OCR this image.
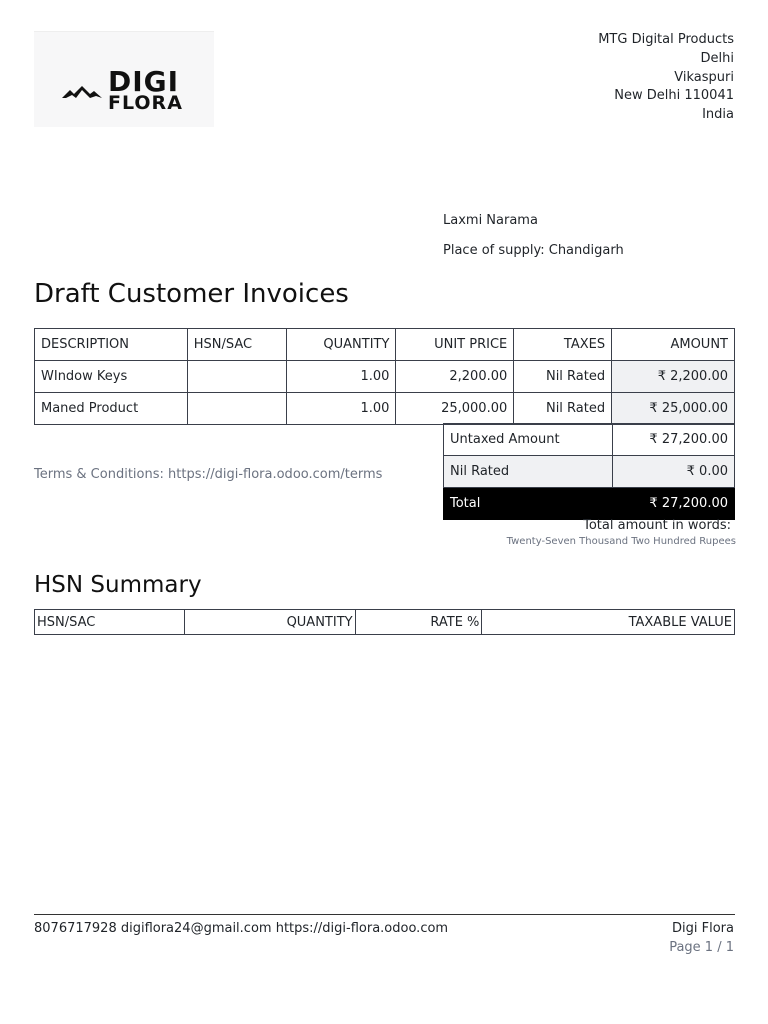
DIGI
FLORA
MTG Digital Products
Delhi
Vikaspuri
New Delhi 110041
India
Laxmi Narama
Place of supply: Chandigarh
Draft Customer Invoices
DESCRIPTION	HSN/SAC	QUANTITY	UNIT PRICE	TAXES	AMOUNT
WIndow Keys		1.00	2,200.00	Nil Rated	₹ 2,200.00
Maned Product		1.00	25,000.00	Nil Rated	₹ 25,000.00
Terms & Conditions: https://digi-flora.odoo.com/terms
Untaxed Amount	₹ 27,200.00
Nil Rated	₹ 0.00
Total	₹ 27,200.00
Total amount in words:
Twenty-Seven Thousand Two Hundred Rupees
HSN Summary
HSN/SAC	QUANTITY	RATE %	TAXABLE VALUE
8076717928 digiflora24@gmail.com https://digi-flora.odoo.com	Digi Flora
Page 1 / 1
